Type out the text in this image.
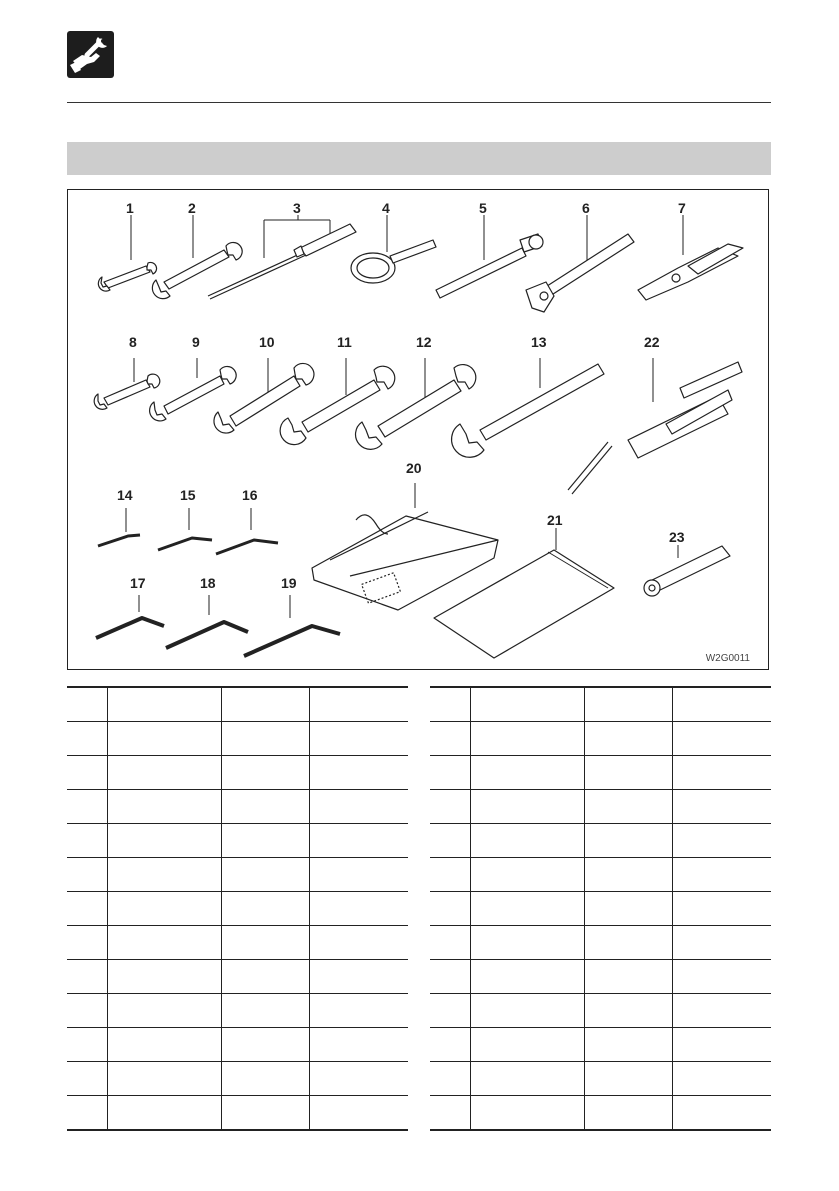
1	2	3	4	5	6	7
8	9	10	11	12	13	22
20
14	15	16
21
23
17	18	19
W2G0011
